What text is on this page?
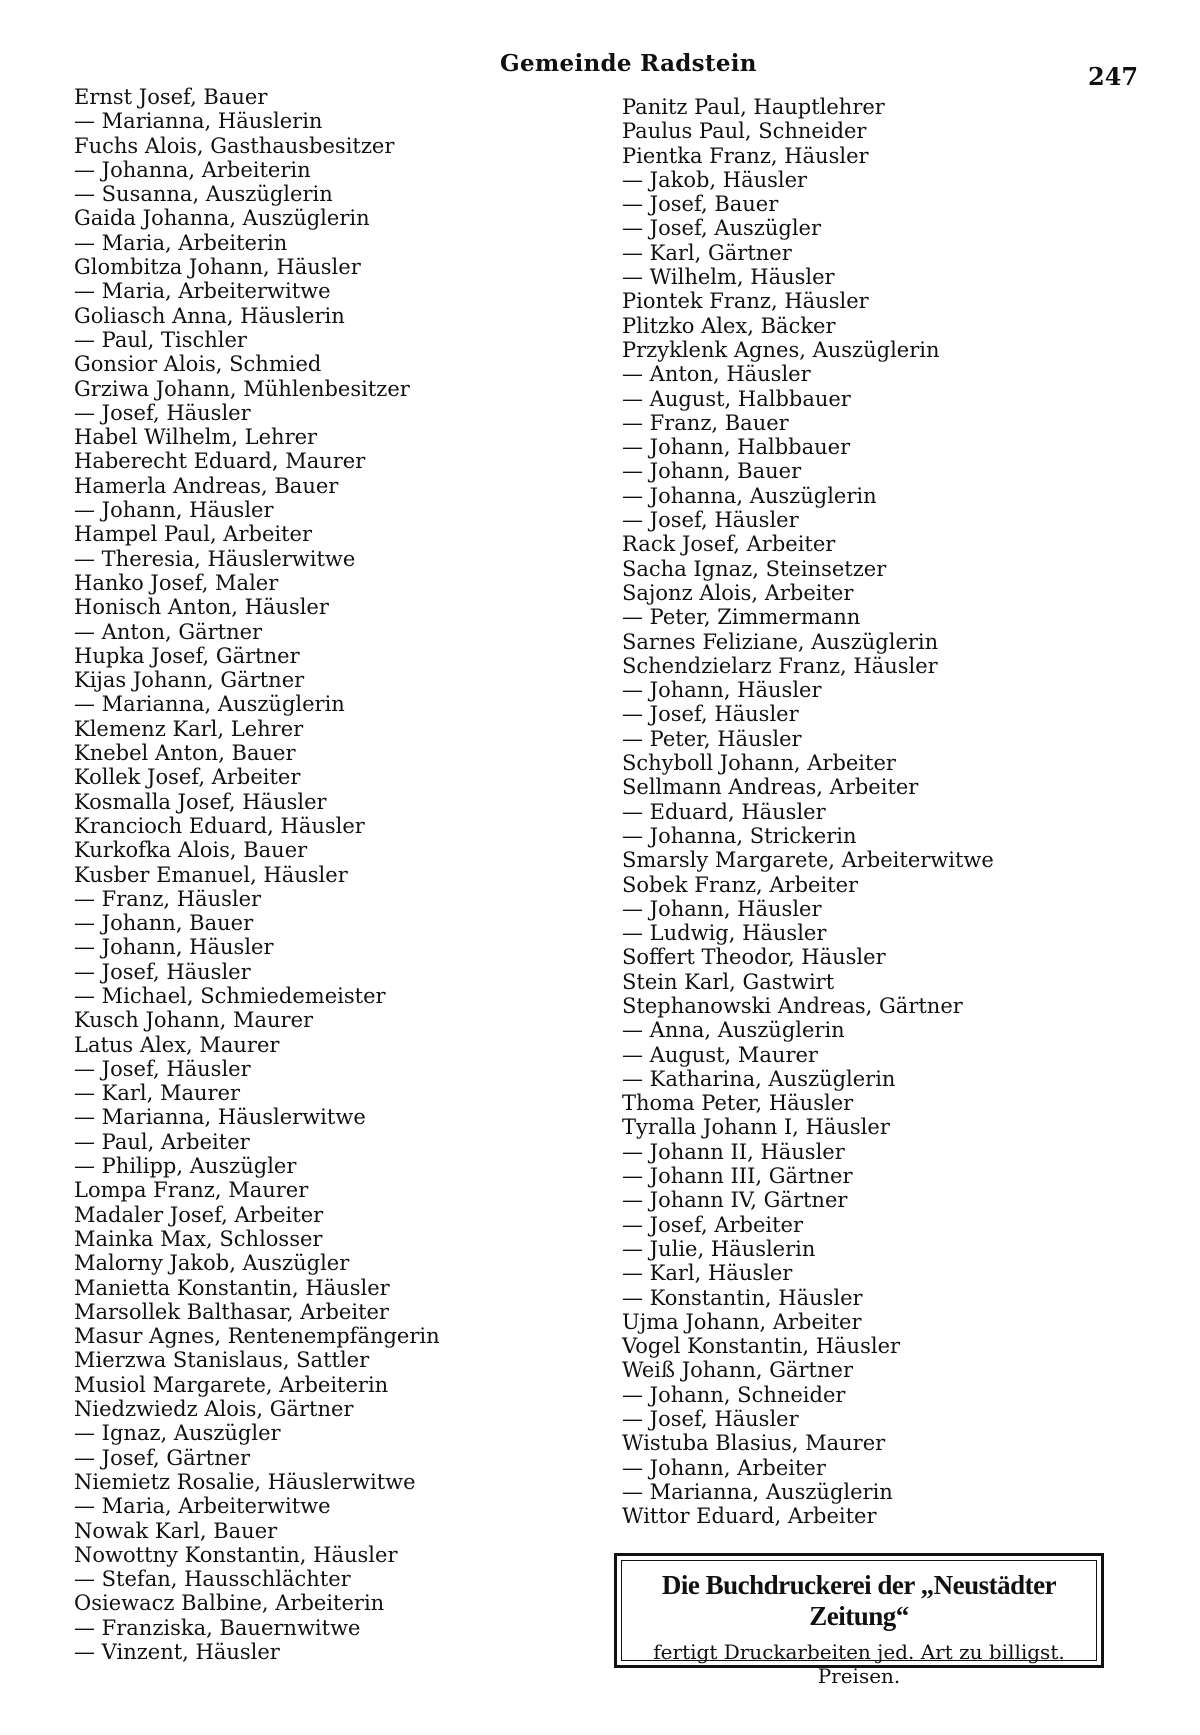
Gemeinde Radstein	247
Ernst Josef, Bauer
— Marianna, Häuslerin
Fuchs Alois, Gasthausbesitzer
— Johanna, Arbeiterin
— Susanna, Auszüglerin
Gaida Johanna, Auszüglerin
— Maria, Arbeiterin
Glombitza Johann, Häusler
— Maria, Arbeiterwitwe
Goliasch Anna, Häuslerin
— Paul, Tischler
Gonsior Alois, Schmied
Grziwa Johann, Mühlenbesitzer
— Josef, Häusler
Habel Wilhelm, Lehrer
Haberecht Eduard, Maurer
Hamerla Andreas, Bauer
— Johann, Häusler
Hampel Paul, Arbeiter
— Theresia, Häuslerwitwe
Hanko Josef, Maler
Honisch Anton, Häusler
— Anton, Gärtner
Hupka Josef, Gärtner
Kijas Johann, Gärtner
— Marianna, Auszüglerin
Klemenz Karl, Lehrer
Knebel Anton, Bauer
Kollek Josef, Arbeiter
Kosmalla Josef, Häusler
Krancioch Eduard, Häusler
Kurkofka Alois, Bauer
Kusber Emanuel, Häusler
— Franz, Häusler
— Johann, Bauer
— Johann, Häusler
— Josef, Häusler
— Michael, Schmiedemeister
Kusch Johann, Maurer
Latus Alex, Maurer
— Josef, Häusler
— Karl, Maurer
— Marianna, Häuslerwitwe
— Paul, Arbeiter
— Philipp, Auszügler
Lompa Franz, Maurer
Madaler Josef, Arbeiter
Mainka Max, Schlosser
Malorny Jakob, Auszügler
Manietta Konstantin, Häusler
Marsollek Balthasar, Arbeiter
Masur Agnes, Rentenempfängerin
Mierzwa Stanislaus, Sattler
Musiol Margarete, Arbeiterin
Niedzwiedz Alois, Gärtner
— Ignaz, Auszügler
— Josef, Gärtner
Niemietz Rosalie, Häuslerwitwe
— Maria, Arbeiterwitwe
Nowak Karl, Bauer
Nowottny Konstantin, Häusler
— Stefan, Hausschlächter
Osiewacz Balbine, Arbeiterin
— Franziska, Bauernwitwe
— Vinzent, Häusler
Panitz Paul, Hauptlehrer
Paulus Paul, Schneider
Pientka Franz, Häusler
— Jakob, Häusler
— Josef, Bauer
— Josef, Auszügler
— Karl, Gärtner
— Wilhelm, Häusler
Piontek Franz, Häusler
Plitzko Alex, Bäcker
Przyklenk Agnes, Auszüglerin
— Anton, Häusler
— August, Halbbauer
— Franz, Bauer
— Johann, Halbbauer
— Johann, Bauer
— Johanna, Auszüglerin
— Josef, Häusler
Rack Josef, Arbeiter
Sacha Ignaz, Steinsetzer
Sajonz Alois, Arbeiter
— Peter, Zimmermann
Sarnes Feliziane, Auszüglerin
Schendzielarz Franz, Häusler
— Johann, Häusler
— Josef, Häusler
— Peter, Häusler
Schyboll Johann, Arbeiter
Sellmann Andreas, Arbeiter
— Eduard, Häusler
— Johanna, Strickerin
Smarsly Margarete, Arbeiterwitwe
Sobek Franz, Arbeiter
— Johann, Häusler
— Ludwig, Häusler
Soffert Theodor, Häusler
Stein Karl, Gastwirt
Stephanowski Andreas, Gärtner
— Anna, Auszüglerin
— August, Maurer
— Katharina, Auszüglerin
Thoma Peter, Häusler
Tyralla Johann I, Häusler
— Johann II, Häusler
— Johann III, Gärtner
— Johann IV, Gärtner
— Josef, Arbeiter
— Julie, Häuslerin
— Karl, Häusler
— Konstantin, Häusler
Ujma Johann, Arbeiter
Vogel Konstantin, Häusler
Weiß Johann, Gärtner
— Johann, Schneider
— Josef, Häusler
Wistuba Blasius, Maurer
— Johann, Arbeiter
— Marianna, Auszüglerin
Wittor Eduard, Arbeiter
Die Buchdruckerei der „Neustädter Zeitung“
fertigt Druckarbeiten jed. Art zu billigst. Preisen.
